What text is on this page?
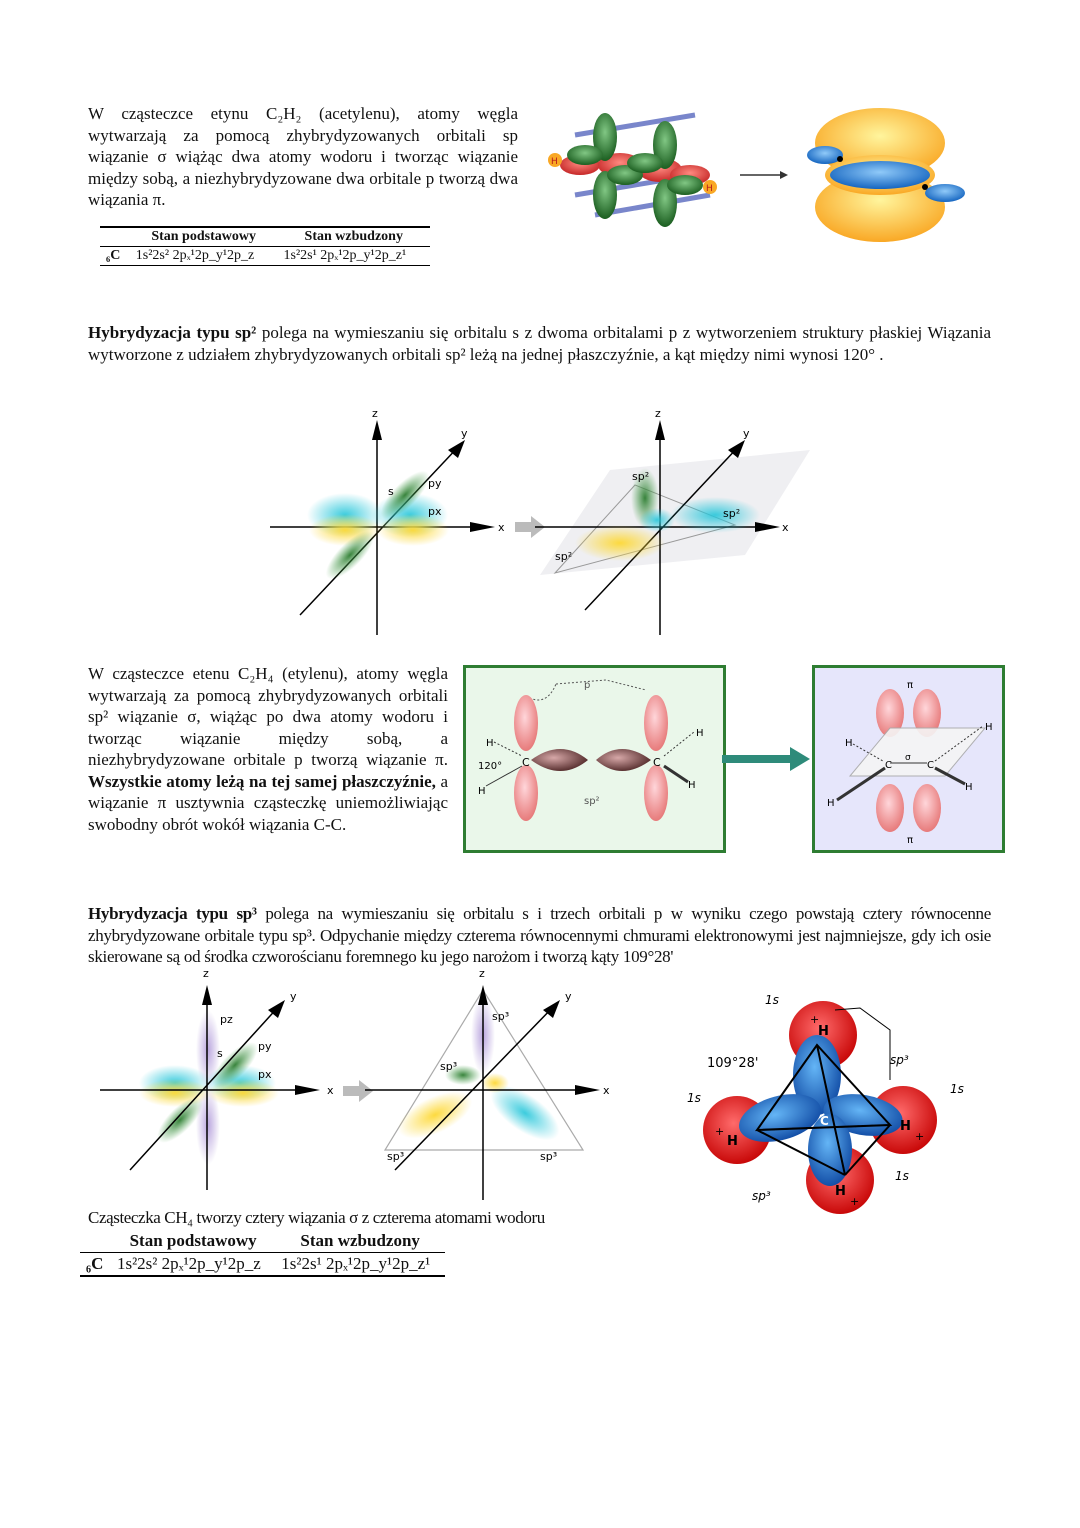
W cząsteczce etynu C₂H₂ (acetylenu), atomy węgla wytwarzają za pomocą zhybrydyzowanych orbitali sp wiązanie σ wiążąc dwa atomy wodoru i tworząc wiązanie między sobą, a niezhybrydyzowane dwa orbitale p tworzą dwa wiązania π.
	Stan podstawowy	Stan wzbudzony
₆C	1s²2s² 2pₓ¹2p_y¹2p_z	1s²2s¹ 2pₓ¹2p_y¹2p_z¹
H
H
Hybrydyzacja typu sp² polega na wymieszaniu się orbitalu s z dwoma orbitalami p z wytworzeniem struktury płaskiej Wiązania wytworzone z udziałem zhybrydyzowanych orbitali sp² leżą na jednej płaszczyźnie, a kąt między nimi wynosi 120° .
z
y
x
s
py
px
z
y
x
sp²
sp²
sp²
W cząsteczce etenu C₂H₄ (etylenu), atomy węgla wytwarzają za pomocą zhybrydyzowanych orbitali sp² wiązanie σ, wiążąc po dwa atomy wodoru i tworząc wiązanie między sobą, a niezhybrydyzowane orbitale p tworzą wiązanie π. Wszystkie atomy leżą na tej samej płaszczyźnie, a wiązanie π usztywnia cząsteczkę uniemożliwiając swobodny obrót wokół wiązania C-C.
p
C	C
H
120°
H
H
H
sp²
π
C	C
σ
H
H
H
H
π
Hybrydyzacja typu sp³ polega na wymieszaniu się orbitalu s i trzech orbitali p w wyniku czego powstają cztery równocenne zhybrydyzowane orbitale typu sp³. Odpychanie między czterema równocennymi chmurami elektronowymi jest najmniejsze, gdy ich osie skierowane są od środka czworościanu foremnego ku jego narożom i tworzą kąty 109°28'
z
y
x
pz
s
py
px
z
y
x
sp³
sp³
sp³	sp³
C
H
H
H
H
+
+	+
+
109°28'
1s
1s
1s
1s
sp³
sp³
Cząsteczka CH₄ tworzy cztery wiązania σ z czterema atomami wodoru
	Stan podstawowy	Stan wzbudzony
₆C	1s²2s² 2pₓ¹2p_y¹2p_z	1s²2s¹ 2pₓ¹2p_y¹2p_z¹
